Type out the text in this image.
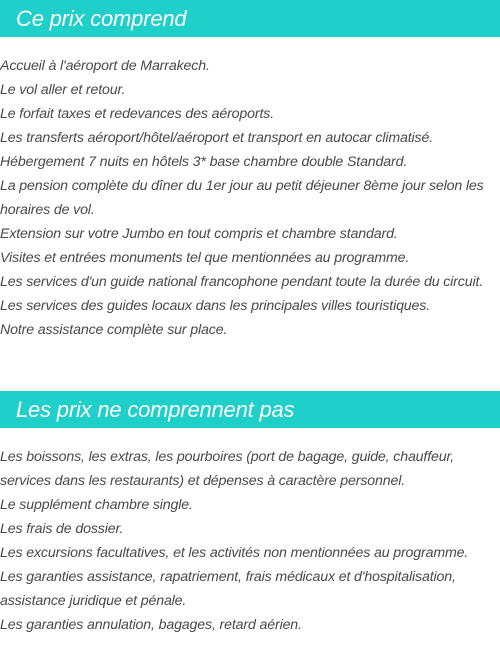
Ce prix comprend
Accueil à l'aéroport de Marrakech.
Le vol aller et retour.
Le forfait taxes et redevances des aéroports.
Les transferts aéroport/hôtel/aéroport et transport en autocar climatisé.
Hébergement 7 nuits en hôtels 3* base chambre double Standard.
La pension complète du dîner du 1er jour au petit déjeuner 8ème jour selon les horaires de vol.
Extension sur votre Jumbo en tout compris et chambre standard.
Visites et entrées monuments tel que mentionnées au programme.
Les services d'un guide national francophone pendant toute la durée du circuit.
Les services des guides locaux dans les principales villes touristiques.
Notre assistance complète sur place.
Les prix ne comprennent pas
Les boissons, les extras, les pourboires (port de bagage, guide, chauffeur, services dans les restaurants) et dépenses à caractère personnel.
Le supplément chambre single.
Les frais de dossier.
Les excursions facultatives, et les activités non mentionnées au programme.
Les garanties assistance, rapatriement, frais médicaux et d'hospitalisation, assistance juridique et pénale.
Les garanties annulation, bagages, retard aérien.
